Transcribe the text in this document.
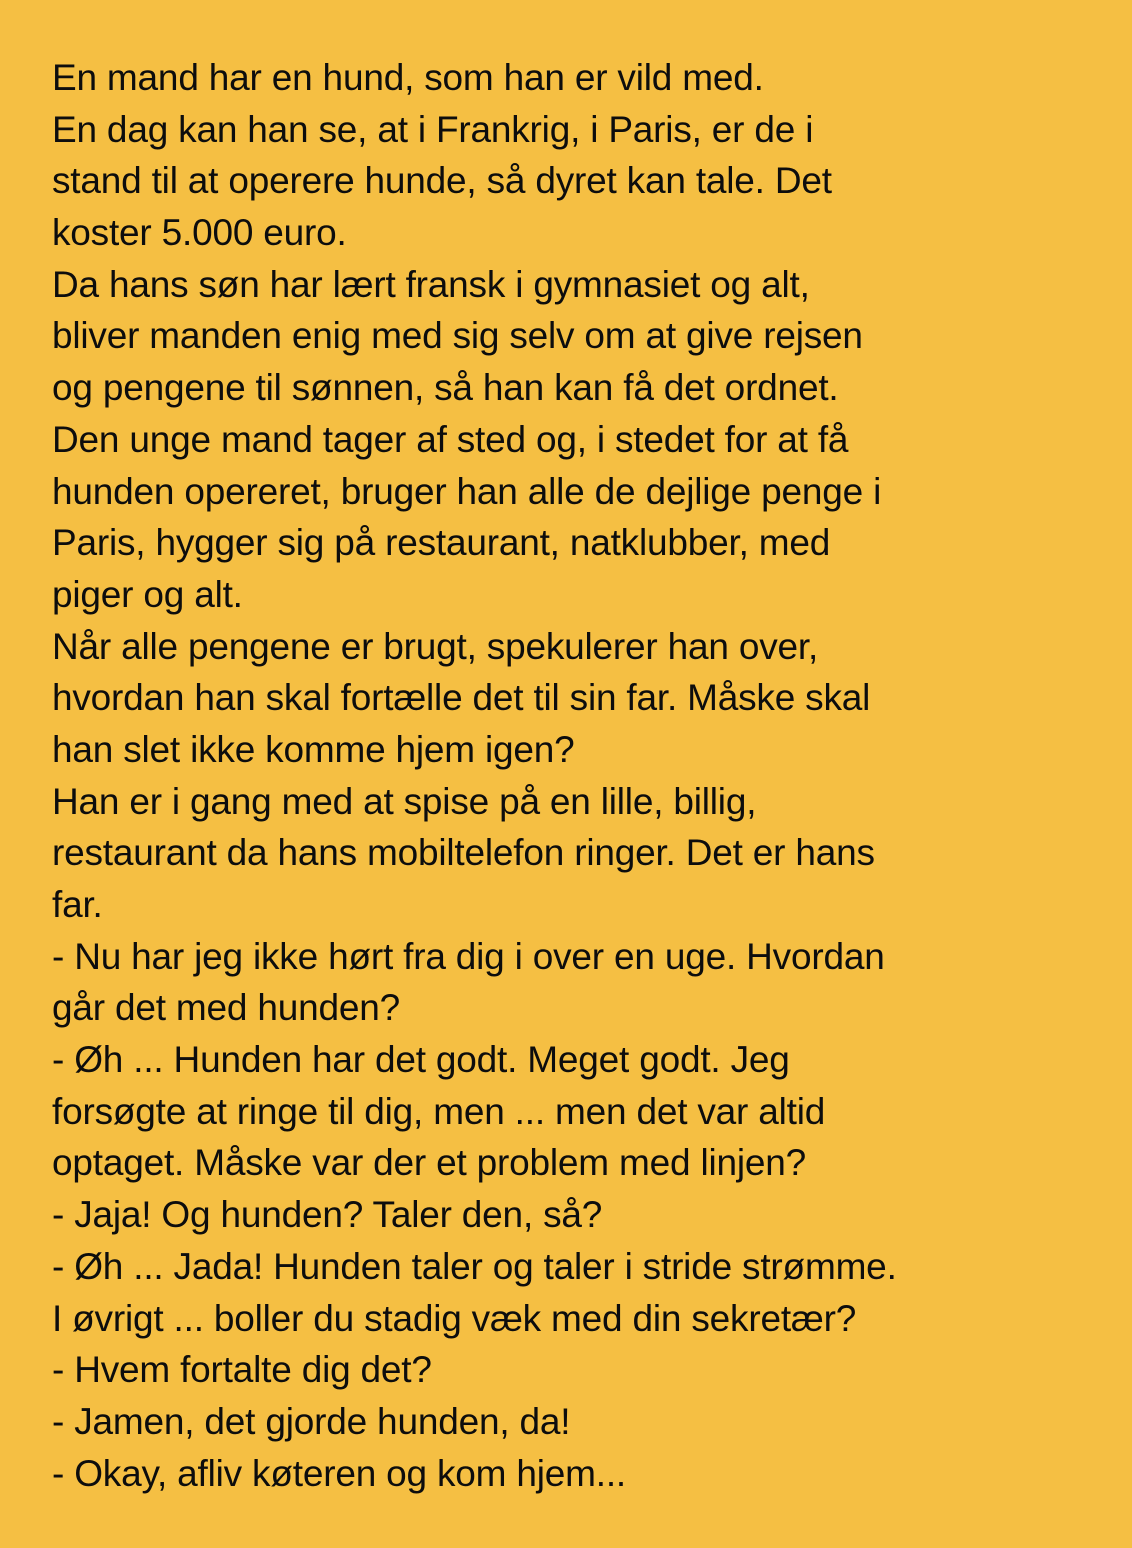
En mand har en hund, som han er vild med.
En dag kan han se, at i Frankrig, i Paris, er de i
stand til at operere hunde, så dyret kan tale. Det
koster 5.000 euro.
Da hans søn har lært fransk i gymnasiet og alt,
bliver manden enig med sig selv om at give rejsen
og pengene til sønnen, så han kan få det ordnet.
Den unge mand tager af sted og, i stedet for at få
hunden opereret, bruger han alle de dejlige penge i
Paris, hygger sig på restaurant, natklubber, med
piger og alt.
Når alle pengene er brugt, spekulerer han over,
hvordan han skal fortælle det til sin far. Måske skal
han slet ikke komme hjem igen?
Han er i gang med at spise på en lille, billig,
restaurant da hans mobiltelefon ringer. Det er hans
far.
- Nu har jeg ikke hørt fra dig i over en uge. Hvordan
går det med hunden?
- Øh ... Hunden har det godt. Meget godt. Jeg
forsøgte at ringe til dig, men ... men det var altid
optaget. Måske var der et problem med linjen?
- Jaja! Og hunden? Taler den, så?
- Øh ... Jada! Hunden taler og taler i stride strømme.
I øvrigt ... boller du stadig væk med din sekretær?
- Hvem fortalte dig det?
- Jamen, det gjorde hunden, da!
- Okay, afliv køteren og kom hjem...
